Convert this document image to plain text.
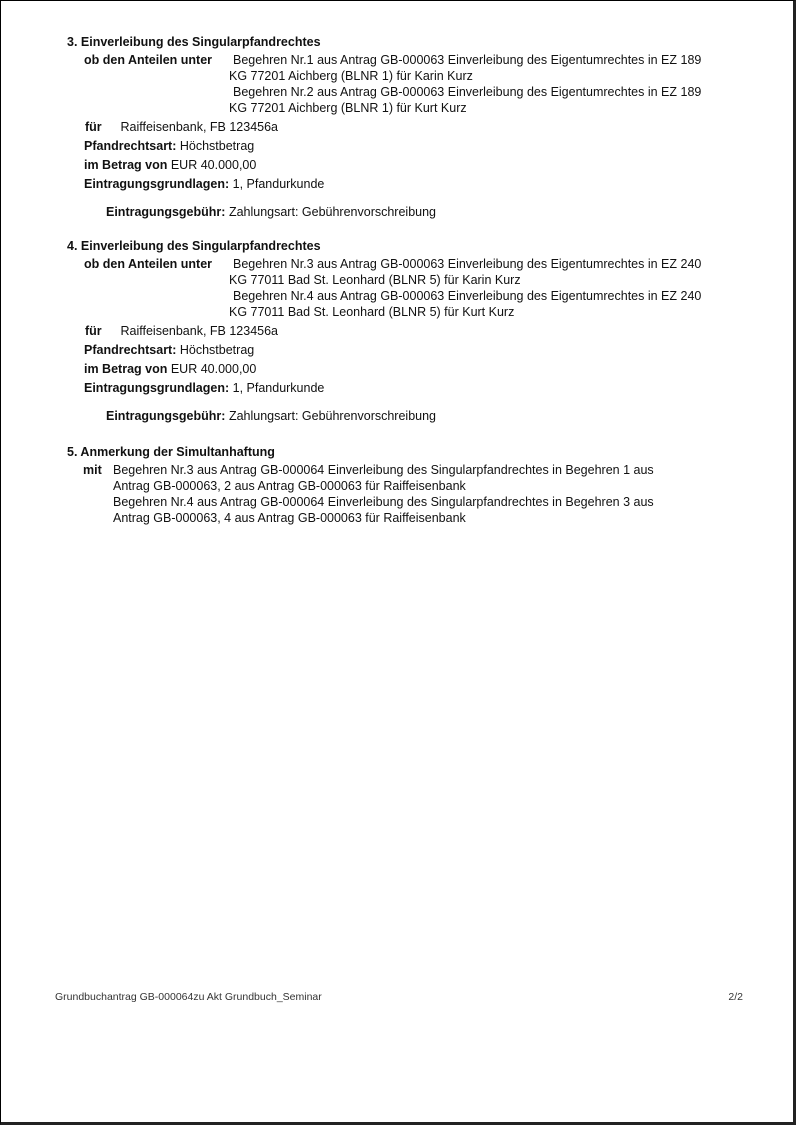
3. Einverleibung des Singularpfandrechtes

ob den Anteilen unter	Begehren Nr.1 aus Antrag GB-000063 Einverleibung des Eigentumrechtes in EZ 189
KG 77201 Aichberg (BLNR 1) für Karin Kurz
Begehren Nr.2 aus Antrag GB-000063 Einverleibung des Eigentumrechtes in EZ 189
KG 77201 Aichberg (BLNR 1) für Kurt Kurz
für Raiffeisenbank, FB 123456a
Pfandrechtsart: Höchstbetrag
im Betrag von EUR 40.000,00
Eintragungsgrundlagen: 1, Pfandurkunde
Eintragungsgebühr: Zahlungsart: Gebührenvorschreibung

4. Einverleibung des Singularpfandrechtes

ob den Anteilen unter	Begehren Nr.3 aus Antrag GB-000063 Einverleibung des Eigentumrechtes in EZ 240
KG 77011 Bad St. Leonhard (BLNR 5) für Karin Kurz
Begehren Nr.4 aus Antrag GB-000063 Einverleibung des Eigentumrechtes in EZ 240
KG 77011 Bad St. Leonhard (BLNR 5) für Kurt Kurz
für Raiffeisenbank, FB 123456a
Pfandrechtsart: Höchstbetrag
im Betrag von EUR 40.000,00
Eintragungsgrundlagen: 1, Pfandurkunde
Eintragungsgebühr: Zahlungsart: Gebührenvorschreibung

5. Anmerkung der Simultanhaftung

mit Begehren Nr.3 aus Antrag GB-000064 Einverleibung des Singularpfandrechtes in Begehren 1 aus
Antrag GB-000063, 2 aus Antrag GB-000063 für Raiffeisenbank
Begehren Nr.4 aus Antrag GB-000064 Einverleibung des Singularpfandrechtes in Begehren 3 aus
Antrag GB-000063, 4 aus Antrag GB-000063 für Raiffeisenbank
Grundbuchantrag GB-000064zu Akt Grundbuch_Seminar	2/2
